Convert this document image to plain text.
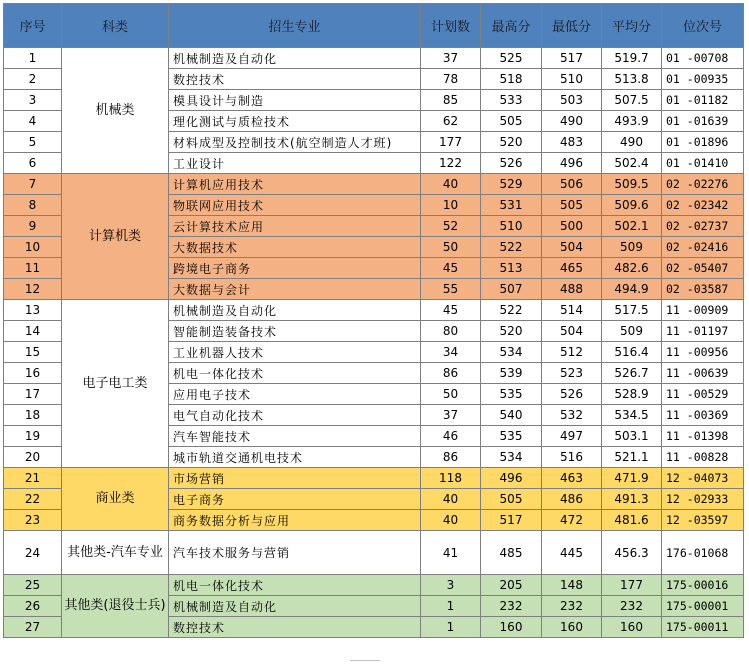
序号	科类	招生专业	计划数	最高分	最低分	平均分	位次号
1	机械类	机械制造及自动化	37	525	517	519.7	01 -00708
2		数控技术	78	518	510	513.8	01 -00935
3		模具设计与制造	85	533	503	507.5	01 -01182
4		理化测试与质检技术	62	505	490	493.9	01 -01639
5		材料成型及控制技术(航空制造人才班)	177	520	483	490	01 -01896
6		工业设计	122	526	496	502.4	01 -01410
7	计算机类	计算机应用技术	40	529	506	509.5	02 -02276
8		物联网应用技术	10	531	505	509.6	02 -02342
9		云计算技术应用	52	510	500	502.1	02 -02737
10		大数据技术	50	522	504	509	02 -02416
11		跨境电子商务	45	513	465	482.6	02 -05407
12		大数据与会计	55	507	488	494.9	02 -03587
13	电子电工类	机械制造及自动化	45	522	514	517.5	11 -00909
14		智能制造装备技术	80	520	504	509	11 -01197
15		工业机器人技术	34	534	512	516.4	11 -00956
16		机电一体化技术	86	539	523	526.7	11 -00639
17		应用电子技术	50	535	526	528.9	11 -00529
18		电气自动化技术	37	540	532	534.5	11 -00369
19		汽车智能技术	46	535	497	503.1	11 -01398
20		城市轨道交通机电技术	86	534	516	521.1	11 -00828
21	商业类	市场营销	118	496	463	471.9	12 -04073
22		电子商务	40	505	486	491.3	12 -02933
23		商务数据分析与应用	40	517	472	481.6	12 -03597
24	其他类-汽车专业	汽车技术服务与营销	41	485	445	456.3	176-01068
25	其他类(退役士兵)	机电一体化技术	3	205	148	177	175-00016
26		机械制造及自动化	1	232	232	232	175-00001
27		数控技术	1	160	160	160	175-00011
